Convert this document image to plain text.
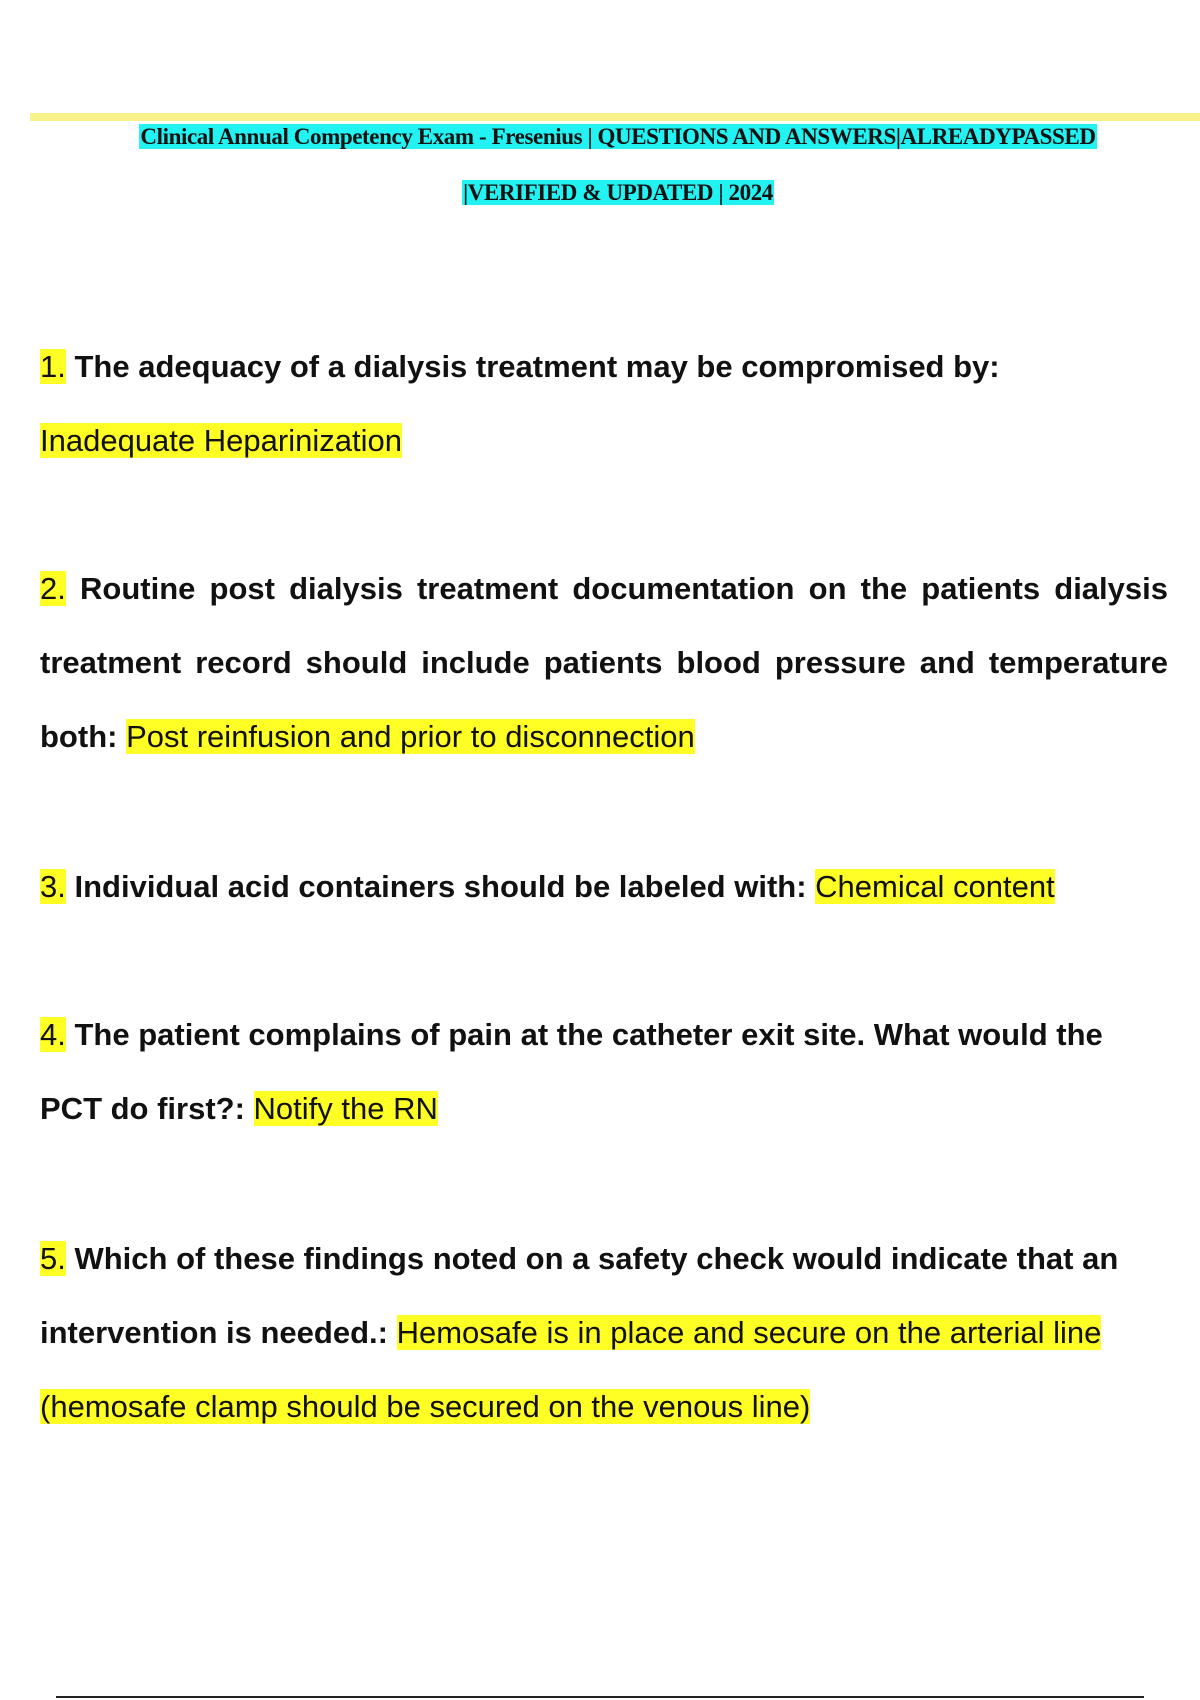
Clinical Annual Competency Exam - Fresenius | QUESTIONS AND ANSWERS|ALREADYPASSED
|VERIFIED & UPDATED | 2024
1. The adequacy of a dialysis treatment may be compromised by:
Inadequate Heparinization
2. Routine post dialysis treatment documentation on the patients dialysis treatment record should include patients blood pressure and temperature both: Post reinfusion and prior to disconnection
3. Individual acid containers should be labeled with: Chemical content
4. The patient complains of pain at the catheter exit site. What would the PCT do first?: Notify the RN
5. Which of these findings noted on a safety check would indicate that an intervention is needed.: Hemosafe is in place and secure on the arterial line (hemosafe clamp should be secured on the venous line)
